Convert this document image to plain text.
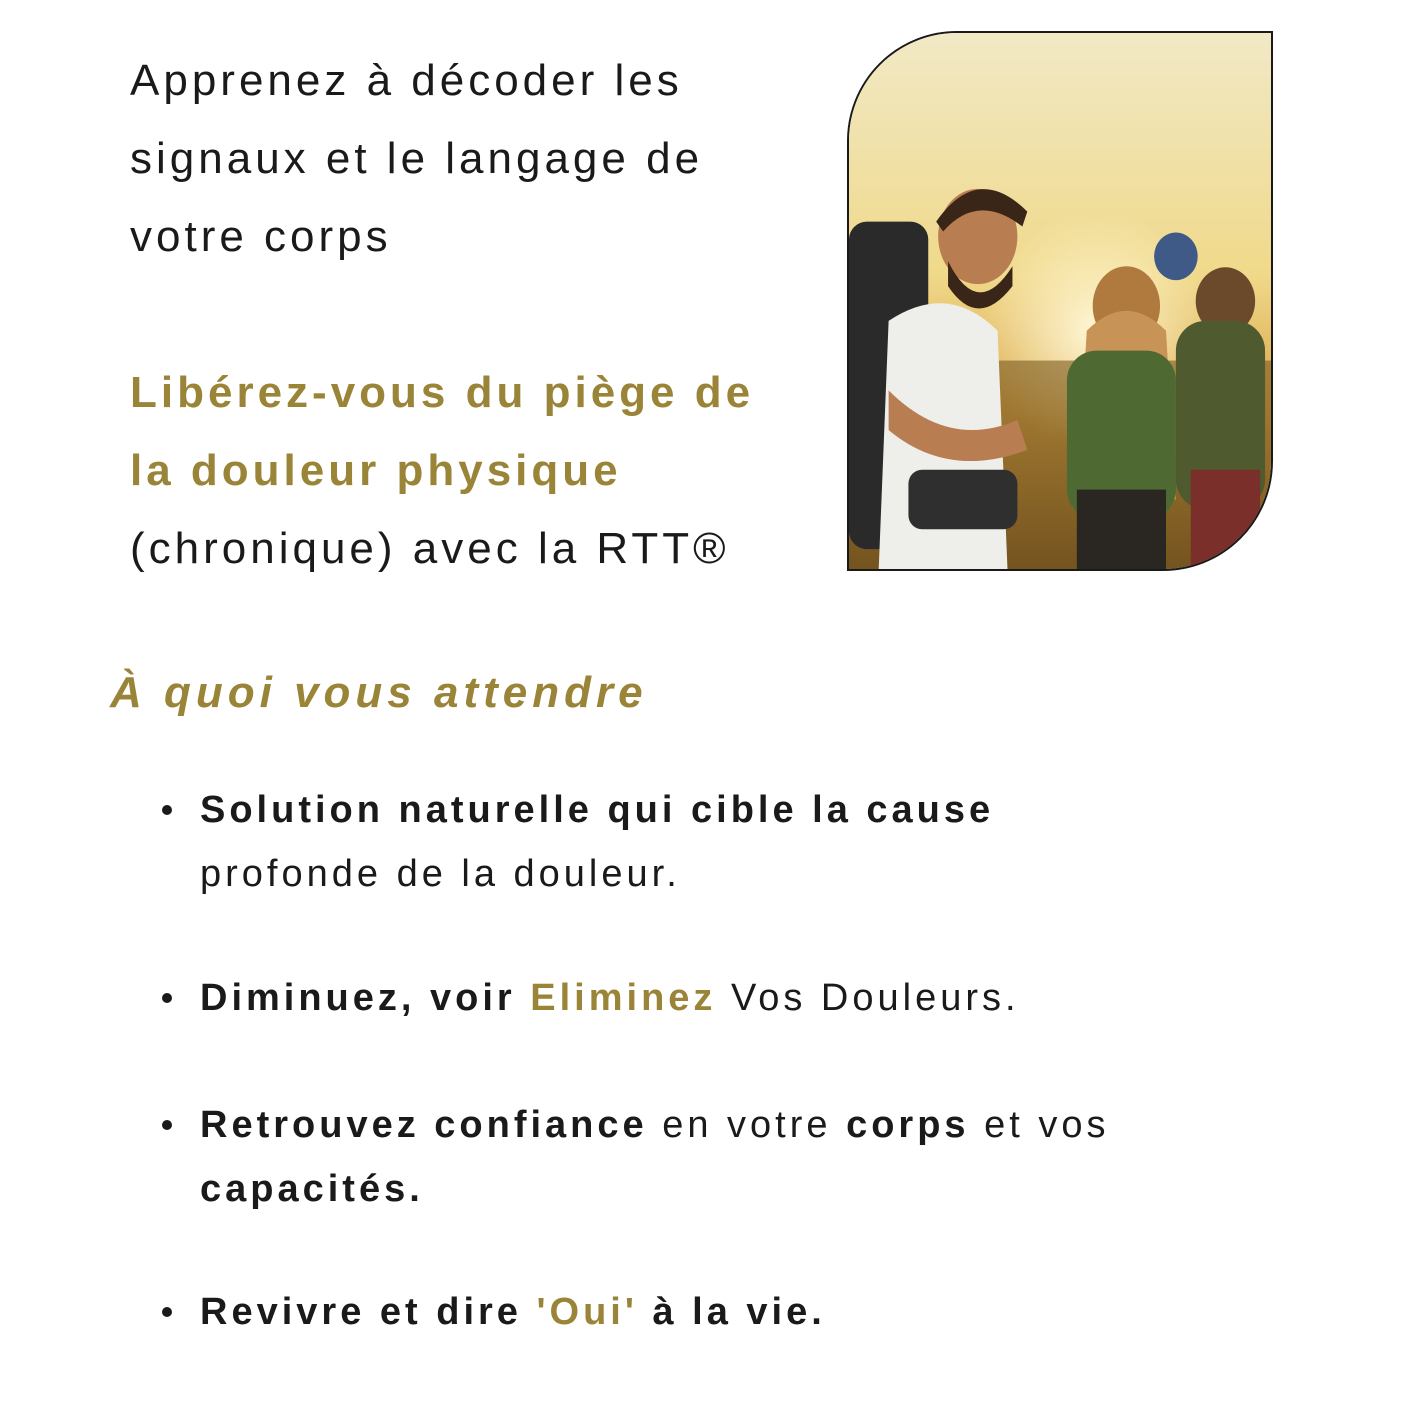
Apprenez à décoder les

signaux et le langage de

votre corps

Libérez-vous du piège de

la douleur physique

(chronique) avec la RTT®

À quoi vous attendre
Solution naturelle qui cible la cause
profonde de la douleur.
Diminuez, voir Eliminez Vos Douleurs.
Retrouvez confiance en votre corps et vos
capacités.
Revivre et dire 'Oui' à la vie.
